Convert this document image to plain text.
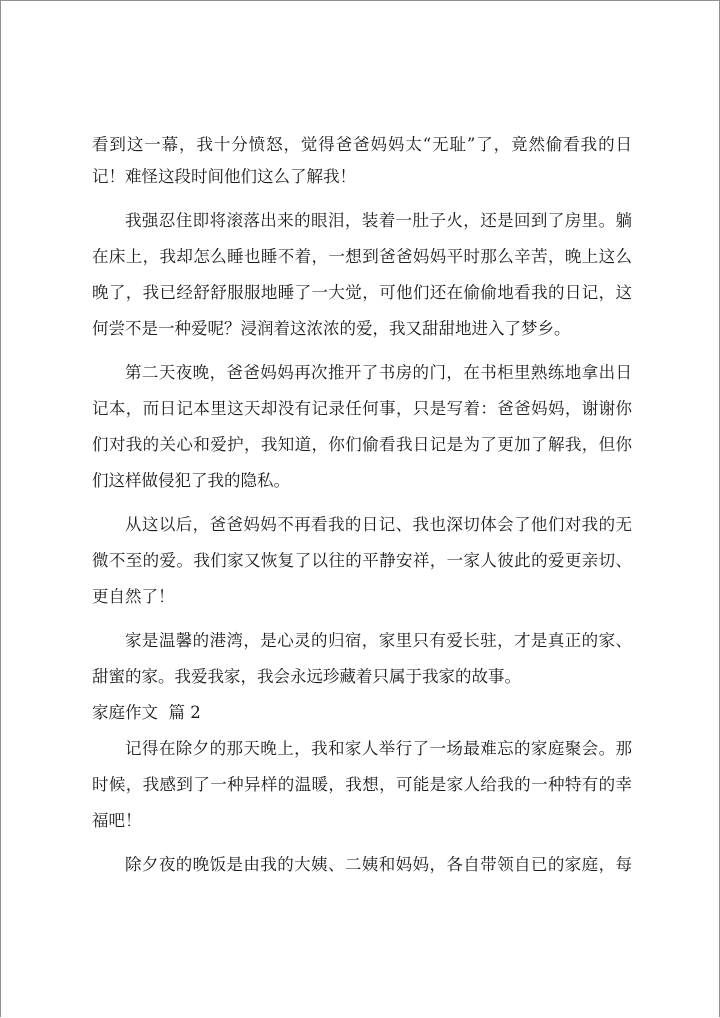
看到这一幕，我十分愤怒，觉得爸爸妈妈太“无耻”了，竟然偷看我的日
记！难怪这段时间他们这么了解我！
我强忍住即将滚落出来的眼泪，装着一肚子火，还是回到了房里。躺
在床上，我却怎么睡也睡不着，一想到爸爸妈妈平时那么辛苦，晚上这么
晚了，我已经舒舒服服地睡了一大觉，可他们还在偷偷地看我的日记，这
何尝不是一种爱呢？浸润着这浓浓的爱，我又甜甜地进入了梦乡。
第二天夜晚，爸爸妈妈再次推开了书房的门，在书柜里熟练地拿出日
记本，而日记本里这天却没有记录任何事，只是写着：爸爸妈妈，谢谢你
们对我的关心和爱护，我知道，你们偷看我日记是为了更加了解我，但你
们这样做侵犯了我的隐私。
从这以后，爸爸妈妈不再看我的日记、我也深切体会了他们对我的无
微不至的爱。我们家又恢复了以往的平静安祥，一家人彼此的爱更亲切、
更自然了！
家是温馨的港湾，是心灵的归宿，家里只有爱长驻，才是真正的家、
甜蜜的家。我爱我家，我会永远珍藏着只属于我家的故事。
家庭作文  篇 2
记得在除夕的那天晚上，我和家人举行了一场最难忘的家庭聚会。那
时候，我感到了一种异样的温暖，我想，可能是家人给我的一种特有的幸
福吧！
除夕夜的晚饭是由我的大姨、二姨和妈妈，各自带领自已的家庭，每
